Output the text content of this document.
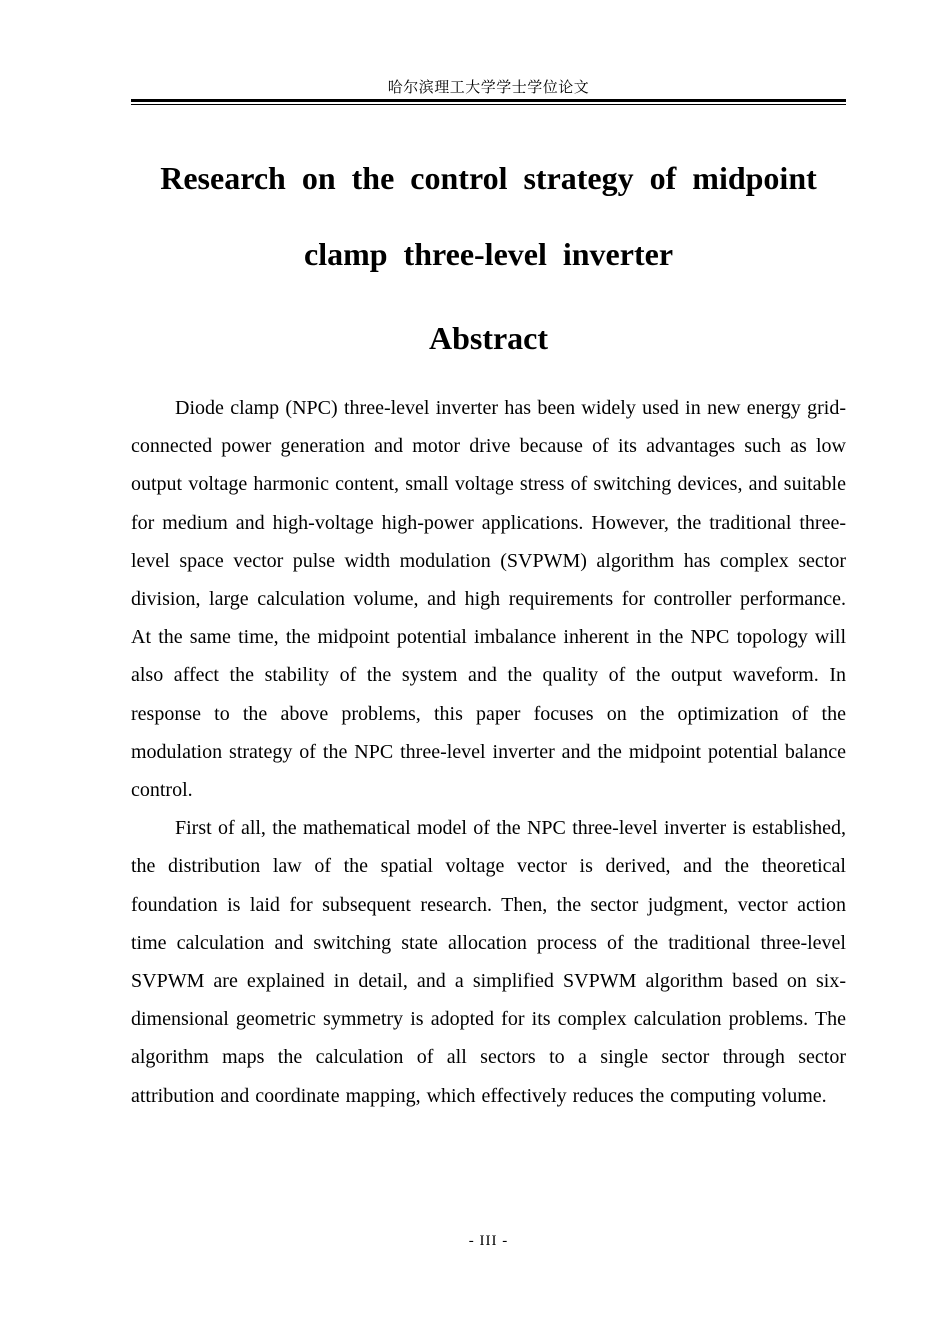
哈尔滨理工大学学士学位论文
Research on the control strategy of midpoint
clamp three-level inverter
Abstract

Diode clamp (NPC) three-level inverter has been widely used in new energy grid-connected power generation and motor drive because of its advantages such as low output voltage harmonic content, small voltage stress of switching devices, and suitable for medium and high-voltage high-power applications. However, the traditional three-level space vector pulse width modulation (SVPWM) algorithm has complex sector division, large calculation volume, and high requirements for controller performance. At the same time, the midpoint potential imbalance inherent in the NPC topology will also affect the stability of the system and the quality of the output waveform. In response to the above problems, this paper focuses on the optimization of the modulation strategy of the NPC three-level inverter and the midpoint potential balance control.

First of all, the mathematical model of the NPC three-level inverter is established, the distribution law of the spatial voltage vector is derived, and the theoretical foundation is laid for subsequent research. Then, the sector judgment, vector action time calculation and switching state allocation process of the traditional three-level SVPWM are explained in detail, and a simplified SVPWM algorithm based on six-dimensional geometric symmetry is adopted for its complex calculation problems. The algorithm maps the calculation of all sectors to a single sector through sector attribution and coordinate mapping, which effectively reduces the computing volume.

- III -
